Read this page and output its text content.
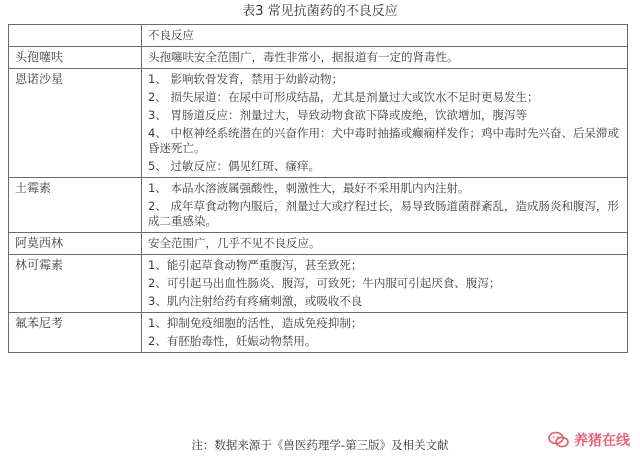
表3 常见抗菌药的不良反应
	不良反应
头孢噻呋	头孢噻呋安全范围广，毒性非常小，据报道有一定的肾毒性。

恩诺沙星	1、 影响软骨发育，禁用于幼龄动物；
2、 损失尿道：在尿中可形成结晶，尤其是剂量过大或饮水不足时更易发生；
3、 胃肠道反应：剂量过大，导致动物食欲下降或废绝，饮欲增加，腹泻等
4、 中枢神经系统潜在的兴奋作用：犬中毒时抽搐或癫痫样发作；鸡中毒时先兴奋、后呆滞或昏迷死亡。
5、 过敏反应：偶见红斑、瘙痒。

土霉素	1、 本品水溶液属强酸性，刺激性大，最好不采用肌内内注射。
2、 成年草食动物内服后，剂量过大或疗程过长，易导致肠道菌群紊乱，造成肠炎和腹泻，形成二重感染。

阿莫西林	安全范围广，几乎不见不良反应。

林可霉素	1、能引起草食动物严重腹泻，甚至致死；
2、可引起马出血性肠炎、腹泻，可致死；牛内服可引起厌食、腹泻；
3、肌内注射给药有疼痛刺激，或吸收不良

氟苯尼考	1、抑制免疫细胞的活性，造成免疫抑制；
2、有胚胎毒性，妊娠动物禁用。
注：数据来源于《兽医药理学-第三版》及相关文献	养猪在线
